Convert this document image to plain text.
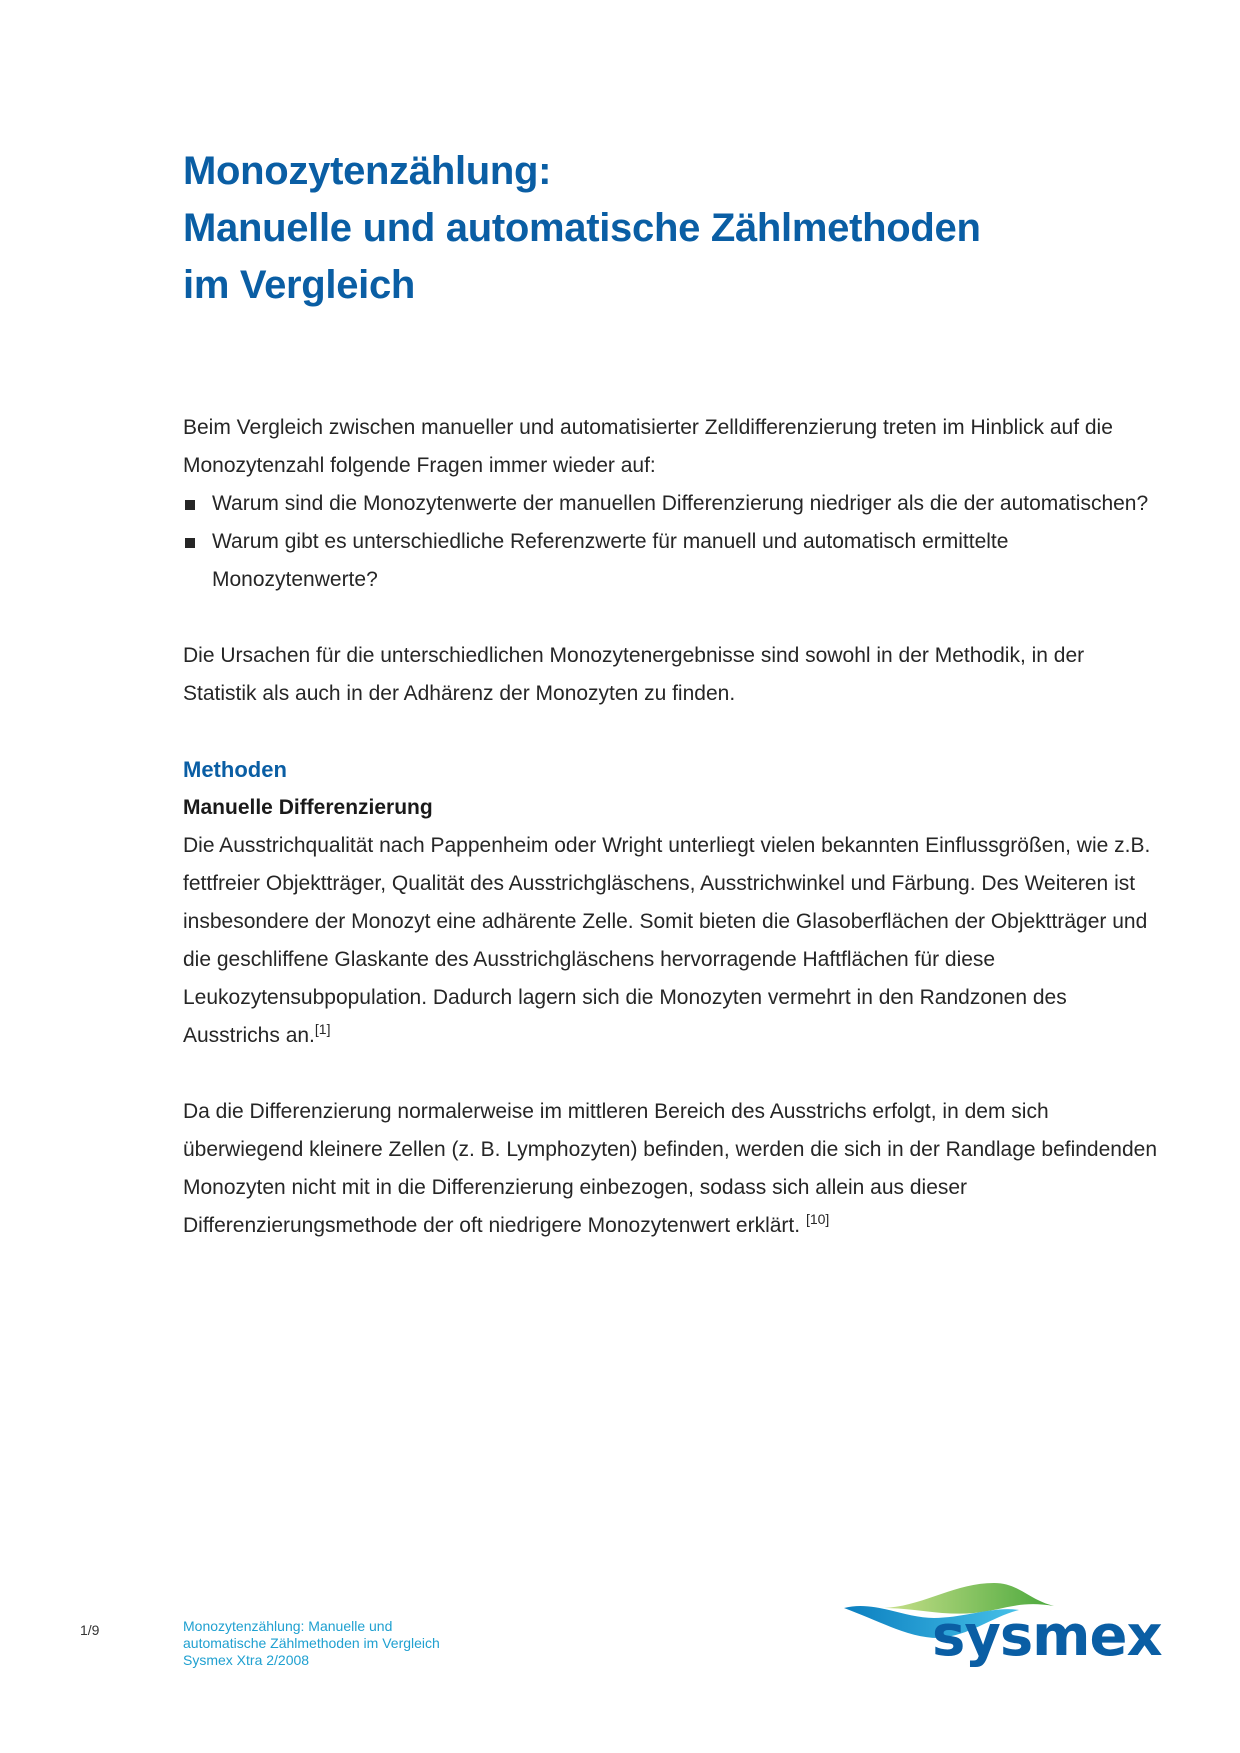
Monozytenzählung:
Manuelle und automatische Zählmethoden
im Vergleich

Beim Vergleich zwischen manueller und automatisierter Zelldifferenzierung treten im Hinblick auf die Monozytenzahl folgende Fragen immer wieder auf:

Warum sind die Monozytenwerte der manuellen Differenzierung niedriger als die der automatischen?
Warum gibt es unterschiedliche Referenzwerte für manuell und automatisch ermittelte Monozytenwerte?

Die Ursachen für die unterschiedlichen Monozytenergebnisse sind sowohl in der Methodik, in der Statistik als auch in der Adhärenz der Monozyten zu finden.

Methoden
Manuelle Differenzierung

Die Ausstrichqualität nach Pappenheim oder Wright unterliegt vielen bekannten Einflussgrößen, wie z.B. fettfreier Objektträger, Qualität des Ausstrichgläschens, Ausstrichwinkel und Färbung. Des Weiteren ist insbesondere der Monozyt eine adhärente Zelle. Somit bieten die Glasoberflächen der Objektträger und die geschliffene Glaskante des Ausstrichgläschens hervorragende Haftflächen für diese Leukozytensubpopulation. Dadurch lagern sich die Monozyten vermehrt in den Randzonen des Ausstrichs an.[1]

Da die Differenzierung normalerweise im mittleren Bereich des Ausstrichs erfolgt, in dem sich überwiegend kleinere Zellen (z. B. Lymphozyten) befinden, werden die sich in der Randlage befindenden Monozyten nicht mit in die Differenzierung einbezogen, sodass sich allein aus dieser Differenzierungsmethode der oft niedrigere Monozytenwert erklärt. [10]

1/9	Monozytenzählung: Manuelle und
automatische Zählmethoden im Vergleich
Sysmex Xtra 2/2008	sysmex
